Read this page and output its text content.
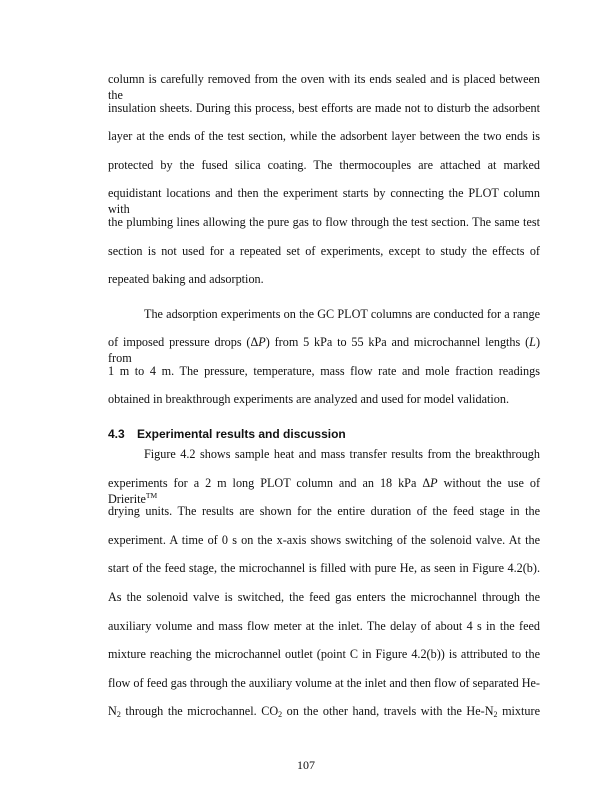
4.3 Experimental results and discussion
107
column is carefully removed from the oven with its ends sealed and is placed between the
insulation sheets. During this process, best efforts are made not to disturb the adsorbent
layer at the ends of the test section, while the adsorbent layer between the two ends is
protected by the fused silica coating. The thermocouples are attached at marked
equidistant locations and then the experiment starts by connecting the PLOT column with
the plumbing lines allowing the pure gas to flow through the test section. The same test
section is not used for a repeated set of experiments, except to study the effects of
repeated baking and adsorption.
The adsorption experiments on the GC PLOT columns are conducted for a range
of imposed pressure drops (ΔP) from 5 kPa to 55 kPa and microchannel lengths (L) from
1 m to 4 m. The pressure, temperature, mass flow rate and mole fraction readings
obtained in breakthrough experiments are analyzed and used for model validation.
Figure 4.2 shows sample heat and mass transfer results from the breakthrough
experiments for a 2 m long PLOT column and an 18 kPa ΔP without the use of Drierite™
drying units. The results are shown for the entire duration of the feed stage in the
experiment. A time of 0 s on the x-axis shows switching of the solenoid valve. At the
start of the feed stage, the microchannel is filled with pure He, as seen in Figure 4.2(b).
As the solenoid valve is switched, the feed gas enters the microchannel through the
auxiliary volume and mass flow meter at the inlet. The delay of about 4 s in the feed
mixture reaching the microchannel outlet (point C in Figure 4.2(b)) is attributed to the
flow of feed gas through the auxiliary volume at the inlet and then flow of separated He-
$N_2$ through the microchannel. $CO_2$ on the other hand, travels with the $He-N_2$ mixture
